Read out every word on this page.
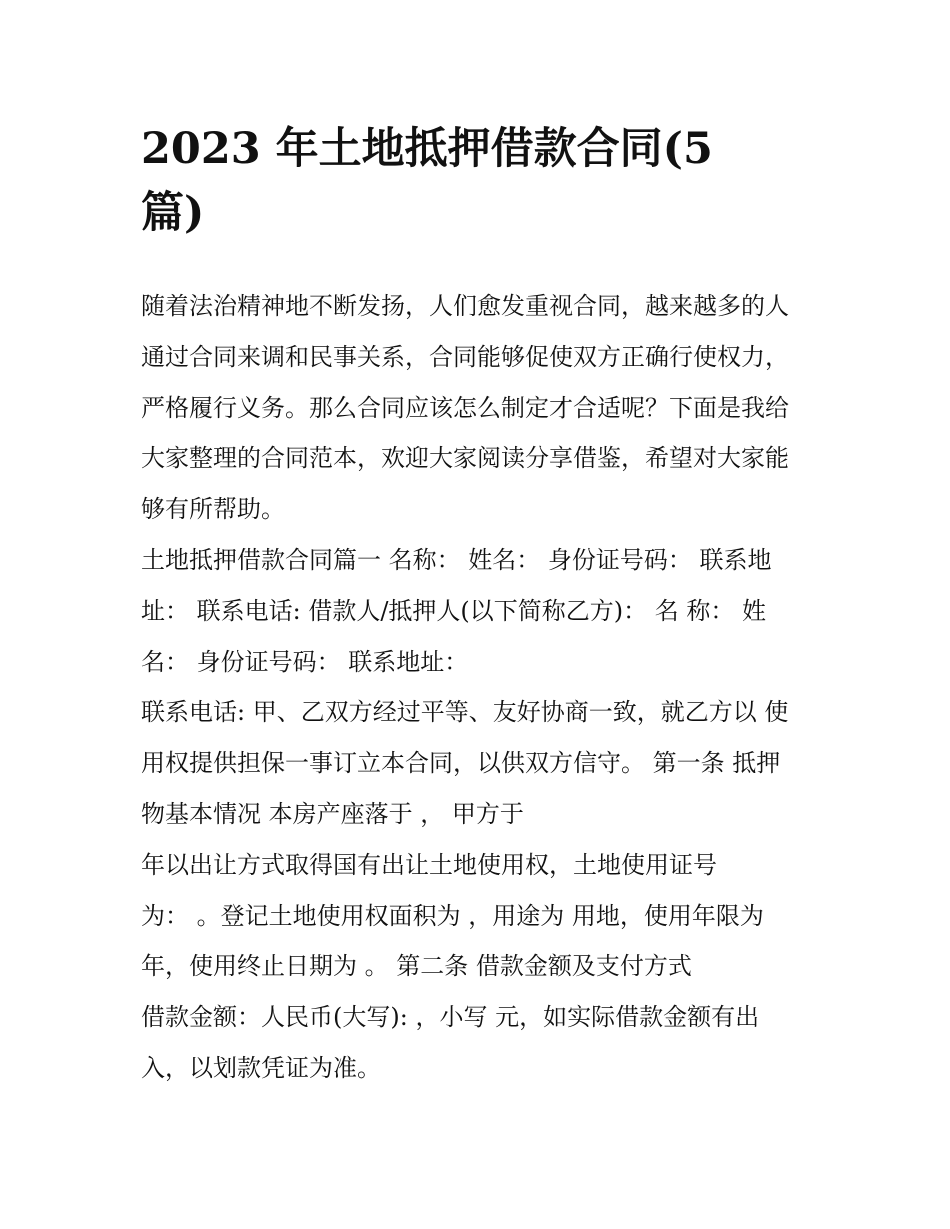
2023 年土地抵押借款合同(5
篇)
随着法治精神地不断发扬，人们愈发重视合同，越来越多的人
通过合同来调和民事关系，合同能够促使双方正确行使权力，
严格履行义务。那么合同应该怎么制定才合适呢？下面是我给
大家整理的合同范本，欢迎大家阅读分享借鉴，希望对大家能
够有所帮助。
土地抵押借款合同篇一 名称： 姓名： 身份证号码： 联系地
址： 联系电话: 借款人/抵押人(以下简称乙方)： 名 称： 姓
名： 身份证号码： 联系地址：
联系电话: 甲、乙双方经过平等、友好协商一致，就乙方以 使
用权提供担保一事订立本合同，以供双方信守。 第一条 抵押
物基本情况 本房产座落于 ， 甲方于
年以出让方式取得国有出让土地使用权，土地使用证号
为： 。登记土地使用权面积为 ，用途为 用地，使用年限为
年，使用终止日期为 。 第二条 借款金额及支付方式
借款金额：人民币(大写): ，小写 元，如实际借款金额有出
入，以划款凭证为准。
